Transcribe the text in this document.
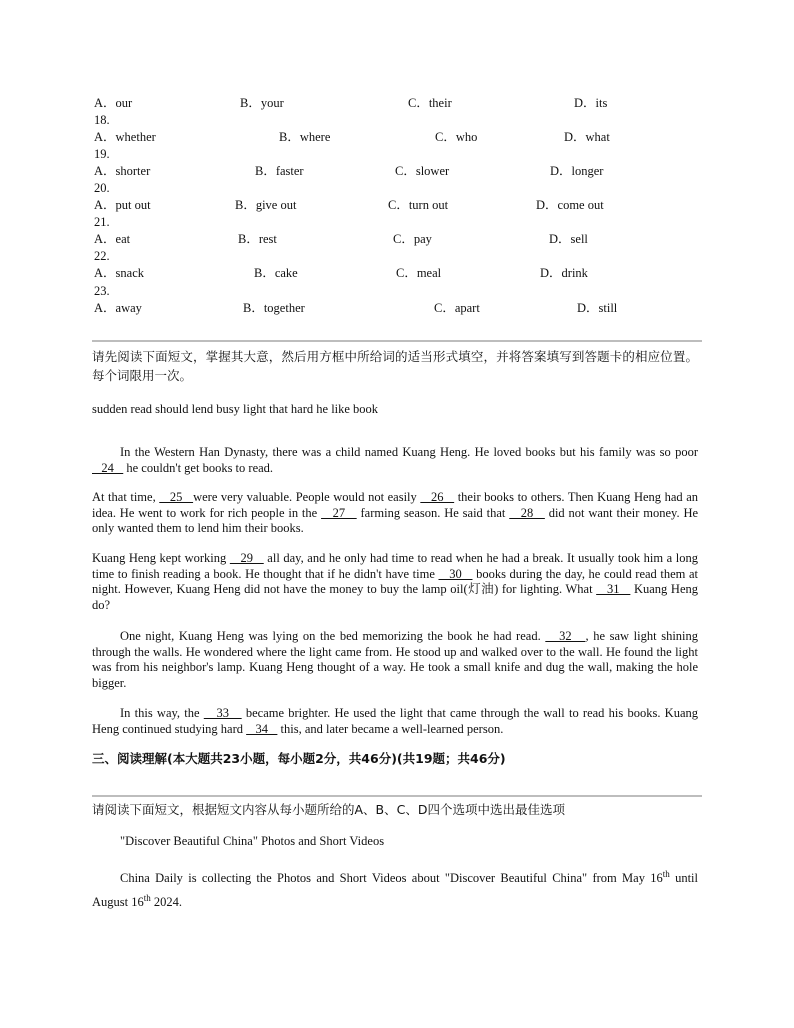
A．our	B．your	C．their	D．its
18.
A．whether	B．where	C．who	D．what
19.
A．shorter	B．faster	C．slower	D．longer
20.
A．put out	B．give out	C．turn out	D．come out
21.
A．eat	B．rest	C．pay	D．sell
22.
A．snack	B．cake	C．meal	D．drink
23.
A．away	B．together	C．apart	D．still
请先阅读下面短文，掌握其大意，然后用方框中所给词的适当形式填空，并将答案填写到答题卡的相应位置。每个词限用一次。
sudden read should lend busy light that hard he like book
In the Western Han Dynasty, there was a child named Kuang Heng. He loved books but his family was so poor    24    he couldn't get books to read.
At that time,    25   were very valuable. People would not easily    26    their books to others. Then Kuang Heng had an idea. He went to work for rich people in the    27    farming season. He said that    28    did not want their money. He only wanted them to lend him their books.
Kuang Heng kept working    29    all day, and he only had time to read when he had a break. It usually took him a long time to finish reading a book. He thought that if he didn't have time    30    books during the day, he could read them at night. However, Kuang Heng did not have the money to buy the lamp oil(灯油) for lighting. What    31    Kuang Heng do?
One night, Kuang Heng was lying on the bed memorizing the book he had read.    32   , he saw light shining through the walls. He wondered where the light came from. He stood up and walked over to the wall. He found the light was from his neighbor's lamp. Kuang Heng thought of a way. He took a small knife and dug the wall, making the hole bigger.
In this way, the    33    became brighter. He used the light that came through the wall to read his books. Kuang Heng continued studying hard    34    this, and later became a well-learned person.
三、阅读理解(本大题共23小题，每小题2分，共46分)(共19题；共46分)
请阅读下面短文，根据短文内容从每小题所给的A、B、C、D四个选项中选出最佳选项
"Discover Beautiful China" Photos and Short Videos
China Daily is collecting the Photos and Short Videos about "Discover Beautiful China" from May 16th until August 16th 2024.
